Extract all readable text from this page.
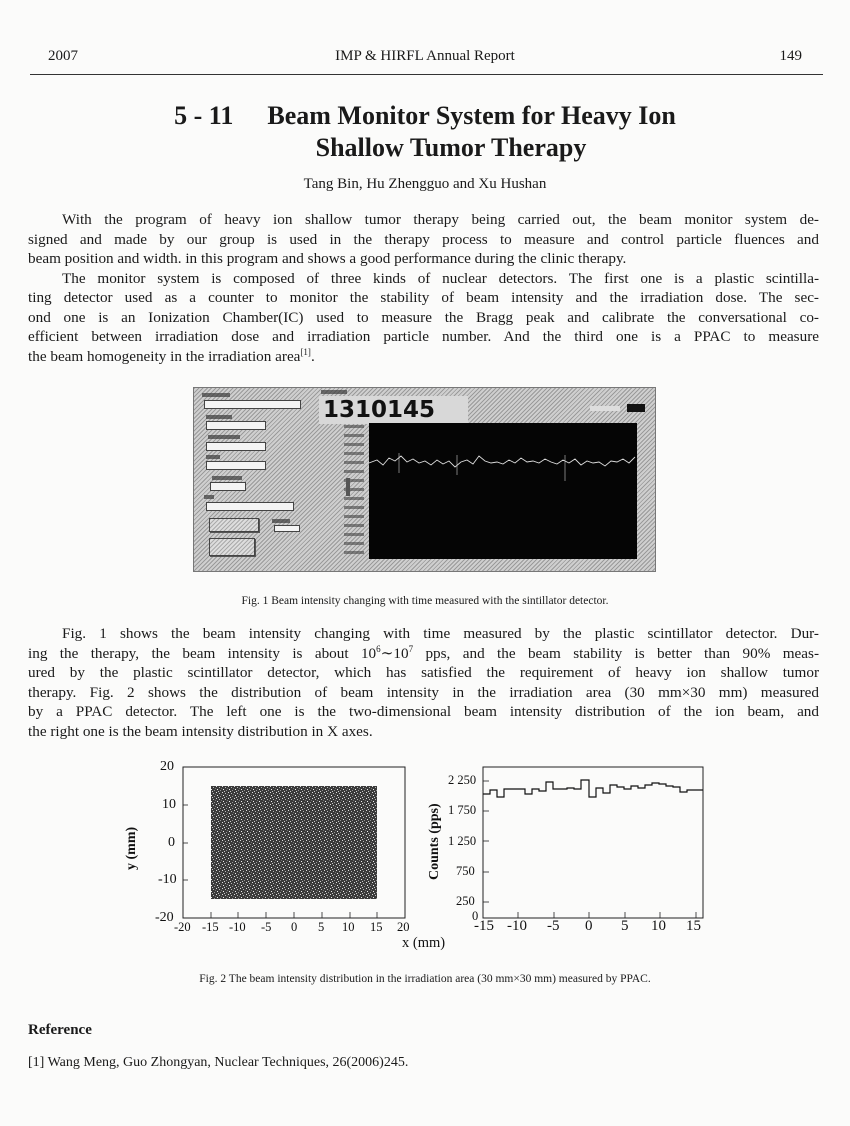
2007	IMP & HIRFL Annual Report	149
5 - 11 Beam Monitor System for Heavy Ion
Shallow Tumor Therapy
Tang Bin, Hu Zhengguo and Xu Hushan
With the program of heavy ion shallow tumor therapy being carried out, the beam monitor system de-
signed and made by our group is used in the therapy process to measure and control particle fluences and
beam position and width. in this program and shows a good performance during the clinic therapy.
The monitor system is composed of three kinds of nuclear detectors. The first one is a plastic scintilla-
ting detector used as a counter to monitor the stability of beam intensity and the irradiation dose. The sec-
ond one is an Ionization Chamber(IC) used to measure the Bragg peak and calibrate the conversational co-
efficient between irradiation dose and irradiation particle number. And the third one is a PPAC to measure
the beam homogeneity in the irradiation area[1].
1310145
Fig. 1 Beam intensity changing with time measured with the sintillator detector.
Fig. 1 shows the beam intensity changing with time measured by the plastic scintillator detector. Dur-
ing the therapy, the beam intensity is about $10^6\sim 10^7$ pps, and the beam stability is better than 90% meas-
ured by the plastic scintillator detector, which has satisfied the requirement of heavy ion shallow tumor
therapy. Fig. 2 shows the distribution of beam intensity in the irradiation area (30 mm×30 mm) measured
by a PPAC detector. The left one is the two-dimensional beam intensity distribution of the ion beam, and
the right one is the beam intensity distribution in X axes.
20
10
0
-10
-20
y (mm)
-20 -15 -10 -5 0 5 10 15 20
2 250
1 750
1 250
750
250
0
Counts (pps)
-15 -10 -5 0 5 10 15
x (mm)
Fig. 2 The beam intensity distribution in the irradiation area (30 mm×30 mm) measured by PPAC.
Reference
[1] Wang Meng, Guo Zhongyan, Nuclear Techniques, 26(2006)245.
